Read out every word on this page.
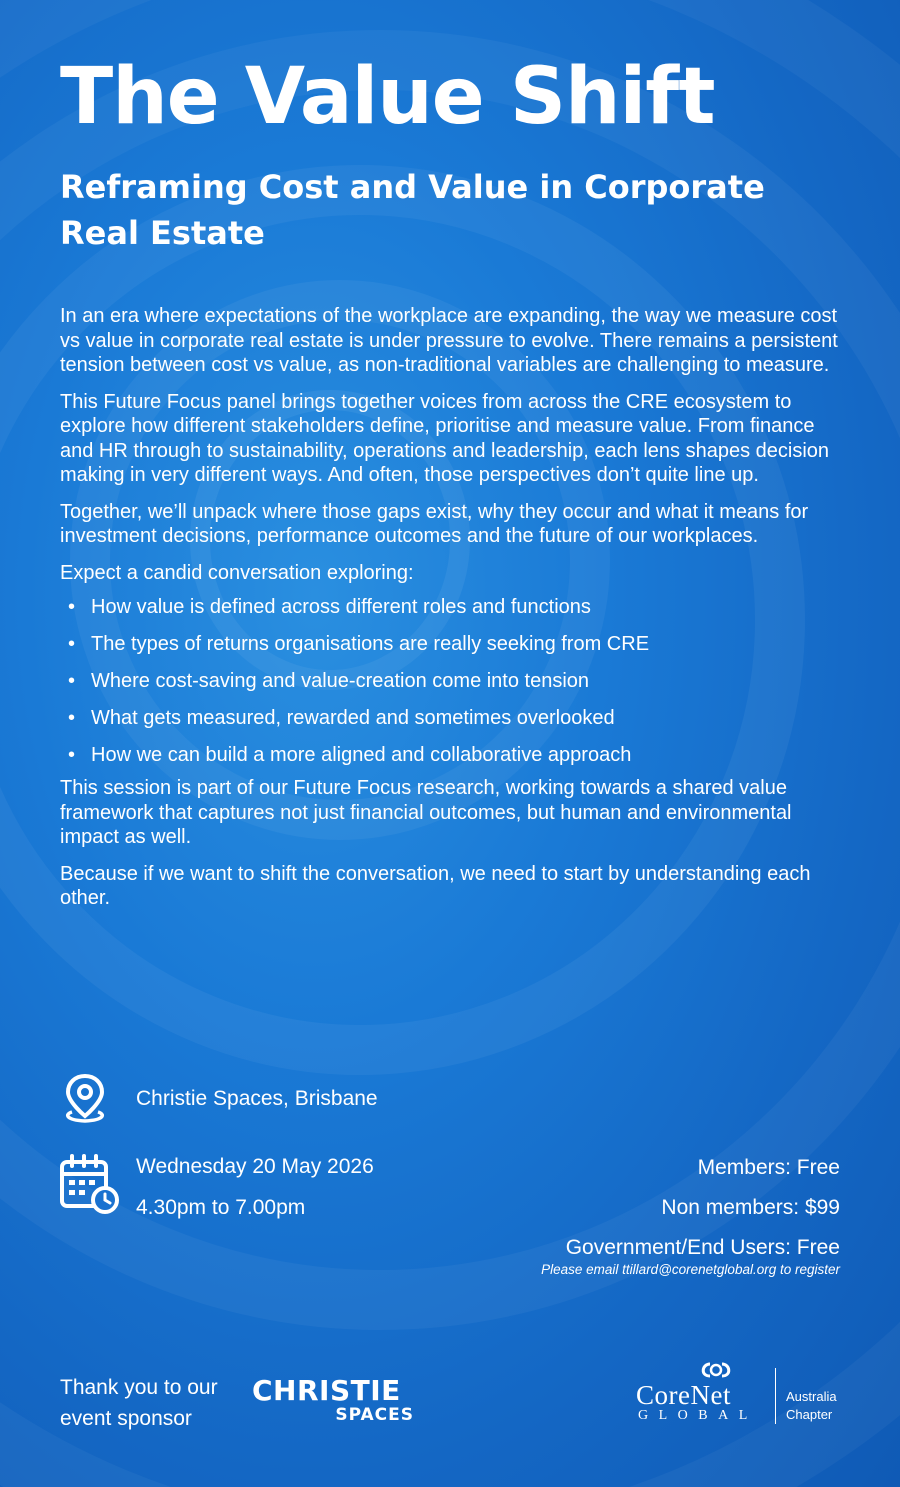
The Value Shift
Reframing Cost and Value in Corporate Real Estate

In an era where expectations of the workplace are expanding, the way we measure cost vs value in corporate real estate is under pressure to evolve. There remains a persistent tension between cost vs value, as non-traditional variables are challenging to measure.

This Future Focus panel brings together voices from across the CRE ecosystem to explore how different stakeholders define, prioritise and measure value. From finance and HR through to sustainability, operations and leadership, each lens shapes decision making in very different ways. And often, those perspectives don’t quite line up.

Together, we’ll unpack where those gaps exist, why they occur and what it means for investment decisions, performance outcomes and the future of our workplaces.

Expect a candid conversation exploring:

• How value is defined across different roles and functions
• The types of returns organisations are really seeking from CRE
• Where cost-saving and value-creation come into tension
• What gets measured, rewarded and sometimes overlooked
• How we can build a more aligned and collaborative approach

This session is part of our Future Focus research, working towards a shared value framework that captures not just financial outcomes, but human and environmental impact as well.

Because if we want to shift the conversation, we need to start by understanding each other.

Christie Spaces, Brisbane
Wednesday 20 May 2026
4.30pm to 7.00pm
Members: Free
Non members: $99
Government/End Users: Free
Please email ttillard@corenetglobal.org to register
Thank you to our event sponsor
CHRISTIE
SPACES
CoreNet
GLOBAL
Australia
Chapter
